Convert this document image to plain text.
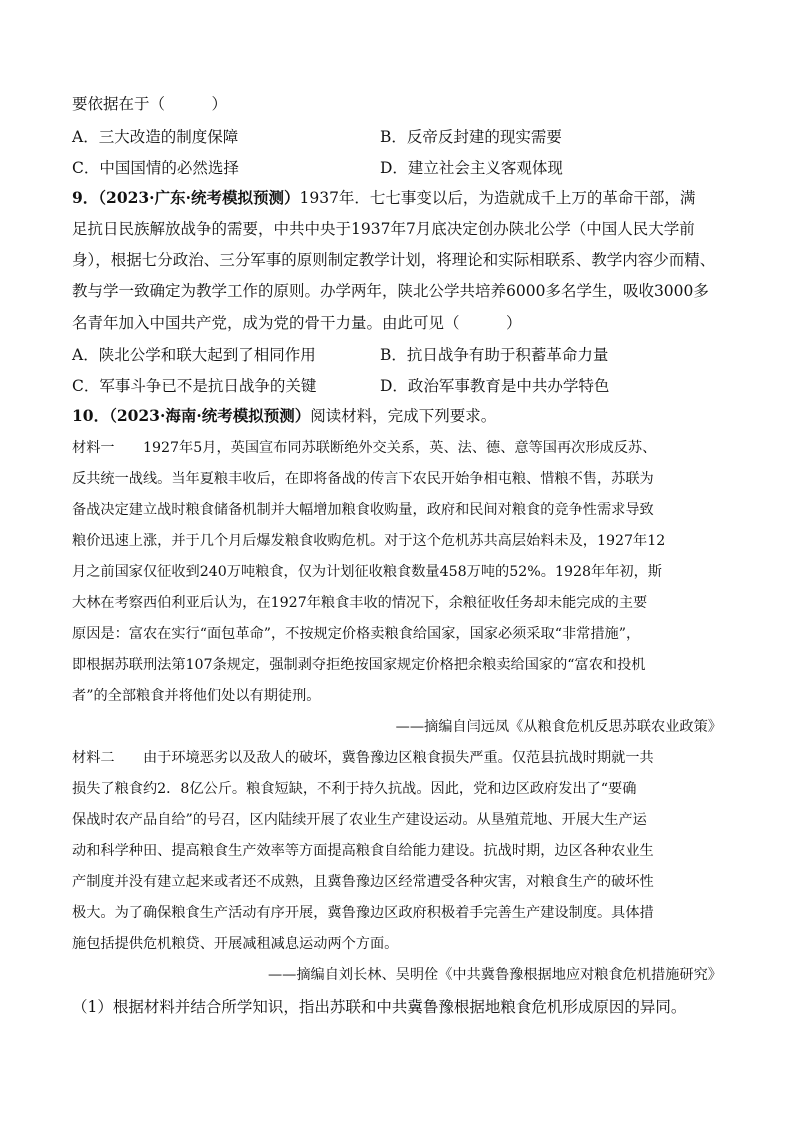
要依据在于（　　　）
A．三大改造的制度保障	B．反帝反封建的现实需要
C．中国国情的必然选择	D．建立社会主义客观体现
9．（2023·广东·统考模拟预测）1937年．七七事变以后，为造就成千上万的革命干部，满
足抗日民族解放战争的需要，中共中央于1937年7月底决定创办陕北公学（中国人民大学前
身），根据七分政治、三分军事的原则制定教学计划，将理论和实际相联系、教学内容少而精、
教与学一致确定为教学工作的原则。办学两年，陕北公学共培养6000多名学生，吸收3000多
名青年加入中国共产党，成为党的骨干力量。由此可见（　　　）
A．陕北公学和联大起到了相同作用	B．抗日战争有助于积蓄革命力量
C．军事斗争已不是抗日战争的关键	D．政治军事教育是中共办学特色
10．（2023·海南·统考模拟预测）阅读材料，完成下列要求。
材料一　　1927年5月，英国宣布同苏联断绝外交关系，英、法、德、意等国再次形成反苏、
反共统一战线。当年夏粮丰收后，在即将备战的传言下农民开始争相屯粮、惜粮不售，苏联为
备战决定建立战时粮食储备机制并大幅增加粮食收购量，政府和民间对粮食的竞争性需求导致
粮价迅速上涨，并于几个月后爆发粮食收购危机。对于这个危机苏共高层始料未及，1927年12
月之前国家仅征收到240万吨粮食，仅为计划征收粮食数量458万吨的52%。1928年年初，斯
大林在考察西伯利亚后认为，在1927年粮食丰收的情况下，余粮征收任务却未能完成的主要
原因是：富农在实行“面包革命”，不按规定价格卖粮食给国家，国家必须采取“非常措施”，
即根据苏联刑法第107条规定，强制剥夺拒绝按国家规定价格把余粮卖给国家的“富农和投机
者”的全部粮食并将他们处以有期徒刑。
——摘编自闫远凤《从粮食危机反思苏联农业政策》
材料二　　由于环境恶劣以及敌人的破坏，冀鲁豫边区粮食损失严重。仅范县抗战时期就一共
损失了粮食约2．8亿公斤。粮食短缺，不利于持久抗战。因此，党和边区政府发出了“要确
保战时农产品自给”的号召，区内陆续开展了农业生产建设运动。从垦殖荒地、开展大生产运
动和科学种田、提高粮食生产效率等方面提高粮食自给能力建设。抗战时期，边区各种农业生
产制度并没有建立起来或者还不成熟，且冀鲁豫边区经常遭受各种灾害，对粮食生产的破坏性
极大。为了确保粮食生产活动有序开展，冀鲁豫边区政府积极着手完善生产建设制度。具体措
施包括提供危机粮贷、开展减租减息运动两个方面。
——摘编自刘长林、吴明佺《中共冀鲁豫根据地应对粮食危机措施研究》
（1）根据材料并结合所学知识，指出苏联和中共冀鲁豫根据地粮食危机形成原因的异同。
